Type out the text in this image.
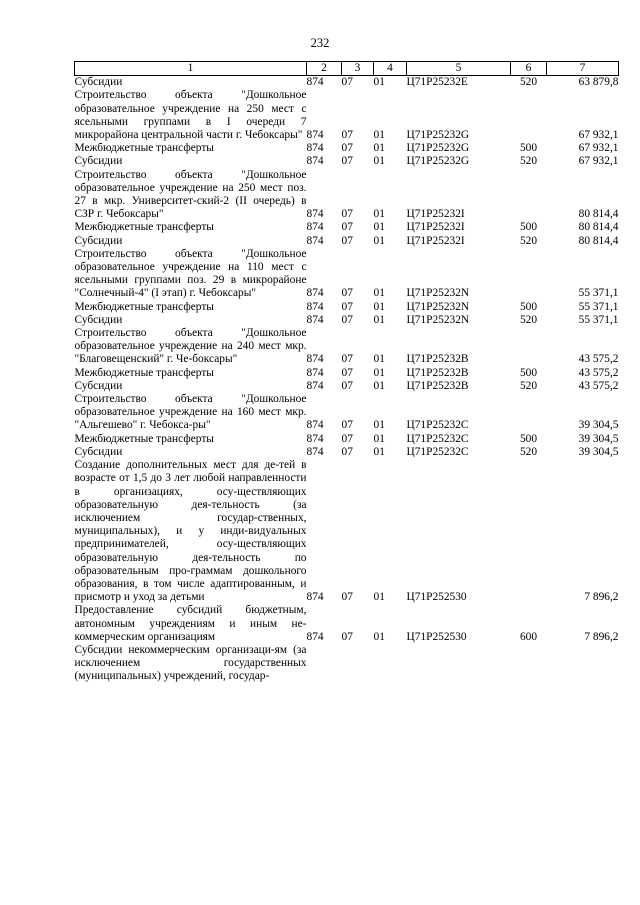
232
1	2	3	4	5	6	7
Субсидии	874	07	01	Ц71P25232E	520	63 879,8
Строительство объекта "Дошкольное образовательное учреждение на 250 мест с ясельными группами в I очереди 7 микрорайона центральной части г. Чебоксары"	874	07	01	Ц71P25232G		67 932,1
Межбюджетные трансферты	874	07	01	Ц71P25232G	500	67 932,1
Субсидии	874	07	01	Ц71P25232G	520	67 932,1
Строительство объекта "Дошкольное образовательное учреждение на 250 мест поз. 27 в мкр. Университет-ский-2 (II очередь) в СЗР г. Чебоксары"	874	07	01	Ц71P25232I		80 814,4
Межбюджетные трансферты	874	07	01	Ц71P25232I	500	80 814,4
Субсидии	874	07	01	Ц71P25232I	520	80 814,4
Строительство объекта "Дошкольное образовательное учреждение на 110 мест с ясельными группами поз. 29 в микрорайоне "Солнечный-4" (I этап) г. Чебоксары"	874	07	01	Ц71P25232N		55 371,1
Межбюджетные трансферты	874	07	01	Ц71P25232N	500	55 371,1
Субсидии	874	07	01	Ц71P25232N	520	55 371,1
Строительство объекта "Дошкольное образовательное учреждение на 240 мест мкр. "Благовещенский" г. Че-боксары"	874	07	01	Ц71P25232B		43 575,2
Межбюджетные трансферты	874	07	01	Ц71P25232B	500	43 575,2
Субсидии	874	07	01	Ц71P25232B	520	43 575,2
Строительство объекта "Дошкольное образовательное учреждение на 160 мест мкр. "Альгешево" г. Чебокса-ры"	874	07	01	Ц71P25232C		39 304,5
Межбюджетные трансферты	874	07	01	Ц71P25232C	500	39 304,5
Субсидии	874	07	01	Ц71P25232C	520	39 304,5
Создание дополнительных мест для де-тей в возрасте от 1,5 до 3 лет любой направленности в организациях, осу-ществляющих образовательную дея-тельность (за исключением государ-ственных, муниципальных), и у инди-видуальных предпринимателей, осу-ществляющих образовательную дея-тельность по образовательным про-граммам дошкольного образования, в том числе адаптированным, и присмотр и уход за детьми	874	07	01	Ц71P252530		7 896,2
Предоставление субсидий бюджетным, автономным учреждениям и иным не-коммерческим организациям	874	07	01	Ц71P252530	600	7 896,2
Субсидии некоммерческим организаци-ям (за исключением государственных (муниципальных) учреждений, государ-						
